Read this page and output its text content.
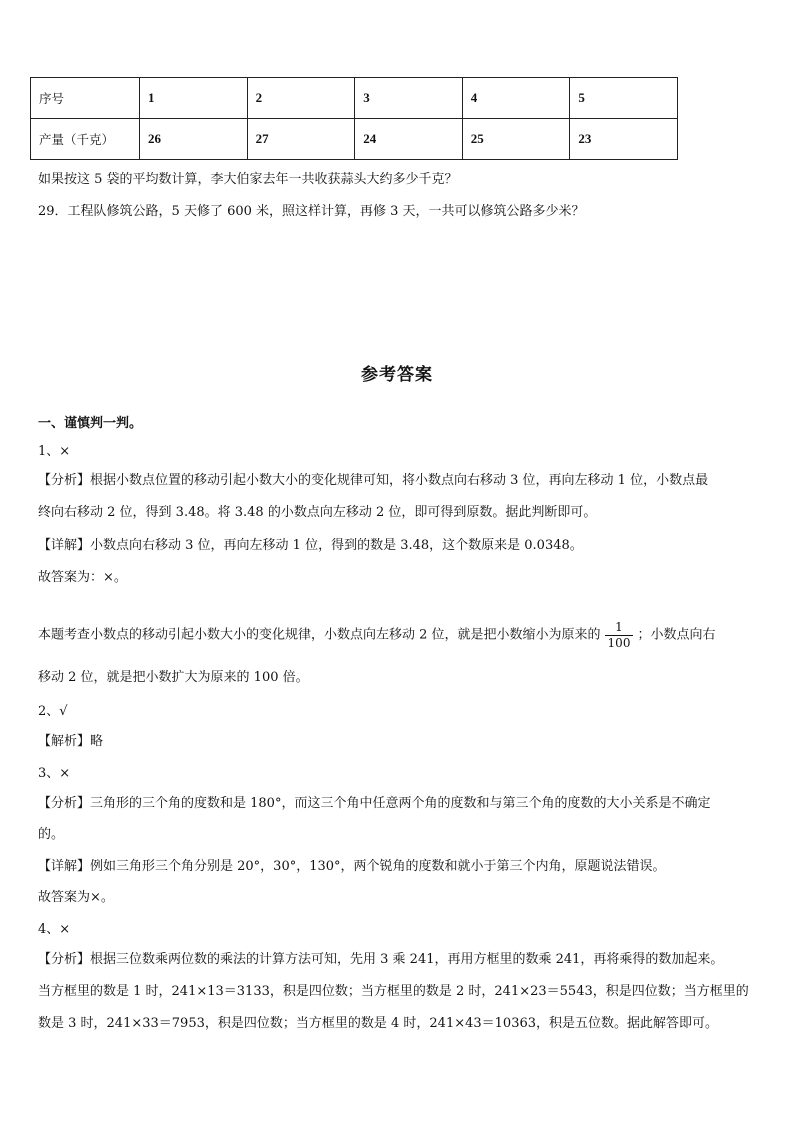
序号	1	2	3	4	5
产量（千克）	26	27	24	25	23
如果按这 5 袋的平均数计算，李大伯家去年一共收获蒜头大约多少千克？
29．工程队修筑公路，5 天修了 600 米，照这样计算，再修 3 天，一共可以修筑公路多少米？
参考答案
一、谨慎判一判。
1、×
【分析】根据小数点位置的移动引起小数大小的变化规律可知，将小数点向右移动 3 位，再向左移动 1 位，小数点最
终向右移动 2 位，得到 3.48。将 3.48 的小数点向左移动 2 位，即可得到原数。据此判断即可。
【详解】小数点向右移动 3 位，再向左移动 1 位，得到的数是 3.48，这个数原来是 0.0348。
故答案为：×。
本题考查小数点的移动引起小数大小的变化规律，小数点向左移动 2 位，就是把小数缩小为原来的 $\frac{1}{100}$ ；小数点向右
移动 2 位，就是把小数扩大为原来的 100 倍。
2、√
【解析】略
3、×
【分析】三角形的三个角的度数和是 180°，而这三个角中任意两个角的度数和与第三个角的度数的大小关系是不确定
的。
【详解】例如三角形三个角分别是 20°，30°，130°，两个锐角的度数和就小于第三个内角，原题说法错误。
故答案为×。
4、×
【分析】根据三位数乘两位数的乘法的计算方法可知，先用 3 乘 241，再用方框里的数乘 241，再将乘得的数加起来。
当方框里的数是 1 时，241×13＝3133，积是四位数；当方框里的数是 2 时，241×23＝5543，积是四位数；当方框里的
数是 3 时，241×33＝7953，积是四位数；当方框里的数是 4 时，241×43＝10363，积是五位数。据此解答即可。
